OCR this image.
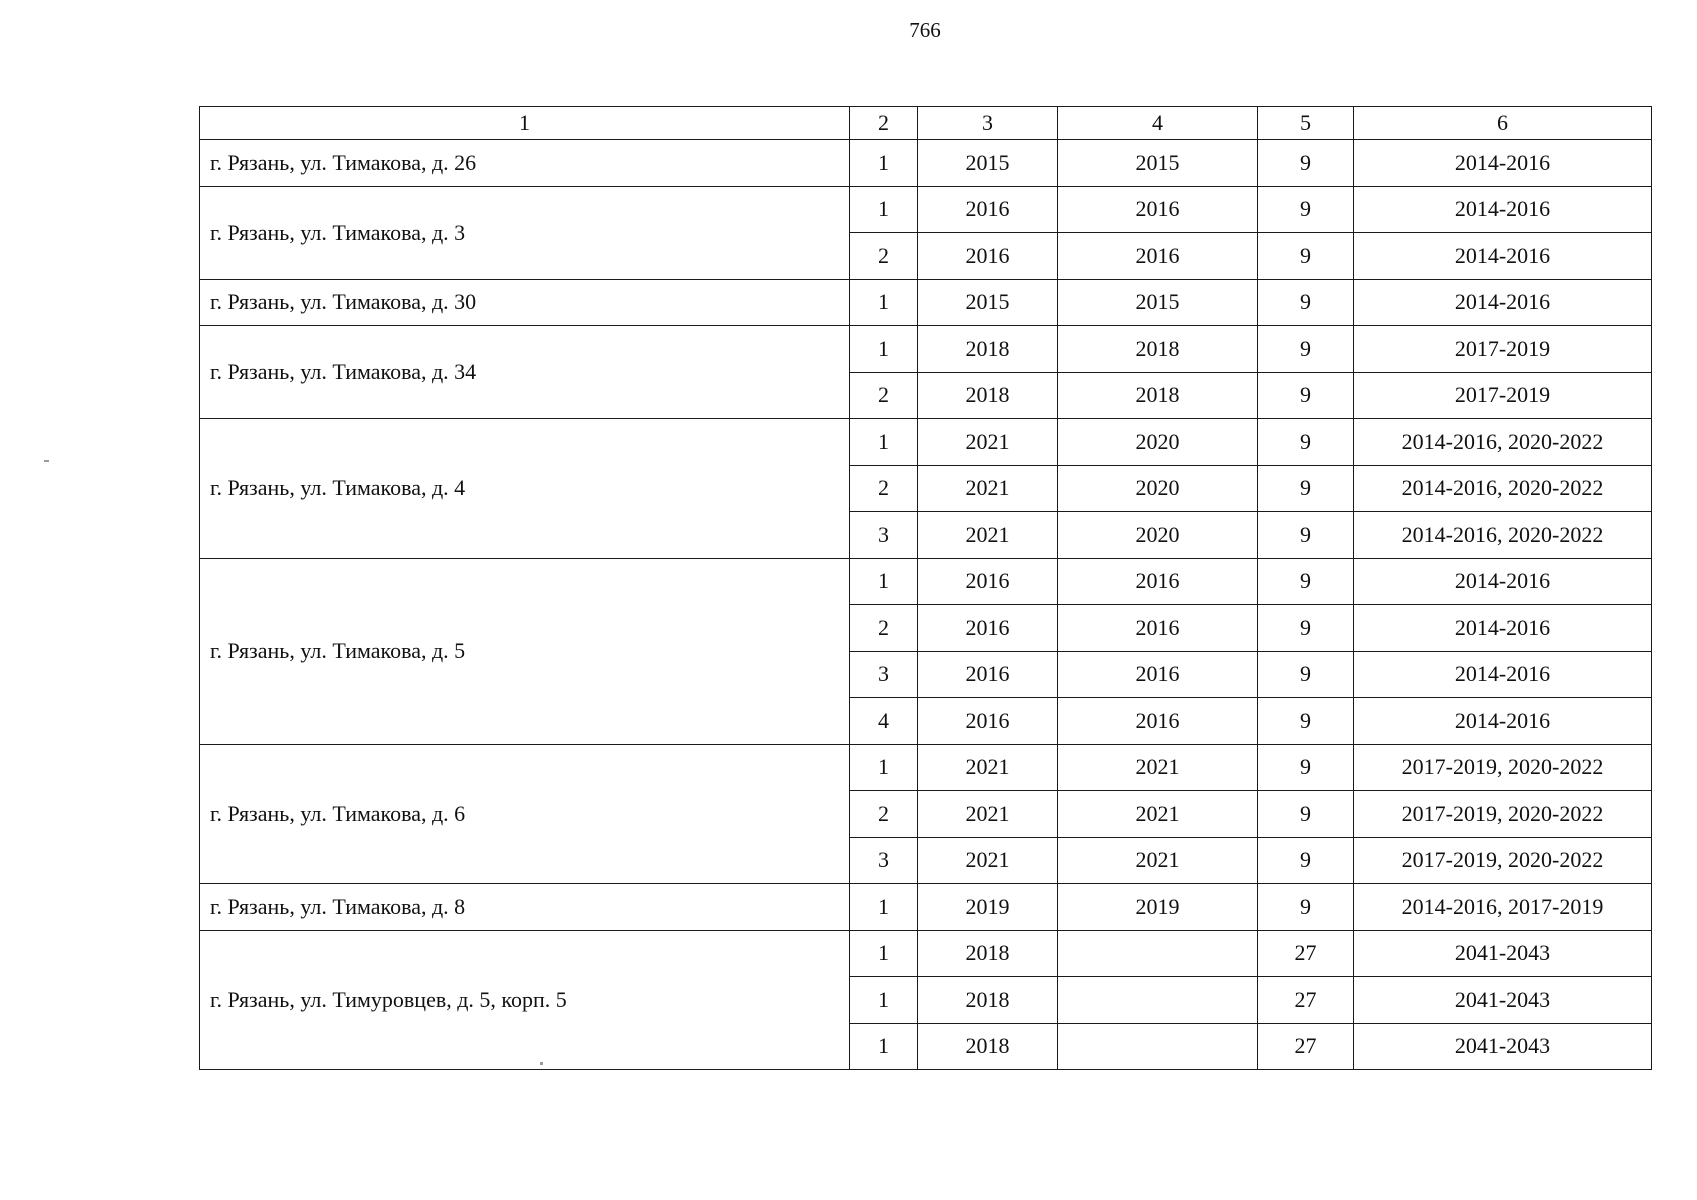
766
1	2	3	4	5	6
г. Рязань, ул. Тимакова, д. 26	1	2015	2015	9	2014-2016
г. Рязань, ул. Тимакова, д. 3	1	2016	2016	9	2014-2016
	2	2016	2016	9	2014-2016
г. Рязань, ул. Тимакова, д. 30	1	2015	2015	9	2014-2016
г. Рязань, ул. Тимакова, д. 34	1	2018	2018	9	2017-2019
	2	2018	2018	9	2017-2019
г. Рязань, ул. Тимакова, д. 4	1	2021	2020	9	2014-2016, 2020-2022
	2	2021	2020	9	2014-2016, 2020-2022
	3	2021	2020	9	2014-2016, 2020-2022
г. Рязань, ул. Тимакова, д. 5	1	2016	2016	9	2014-2016
	2	2016	2016	9	2014-2016
	3	2016	2016	9	2014-2016
	4	2016	2016	9	2014-2016
г. Рязань, ул. Тимакова, д. 6	1	2021	2021	9	2017-2019, 2020-2022
	2	2021	2021	9	2017-2019, 2020-2022
	3	2021	2021	9	2017-2019, 2020-2022
г. Рязань, ул. Тимакова, д. 8	1	2019	2019	9	2014-2016, 2017-2019
г. Рязань, ул. Тимуровцев, д. 5, корп. 5	1	2018		27	2041-2043
	1	2018		27	2041-2043
	1	2018		27	2041-2043
